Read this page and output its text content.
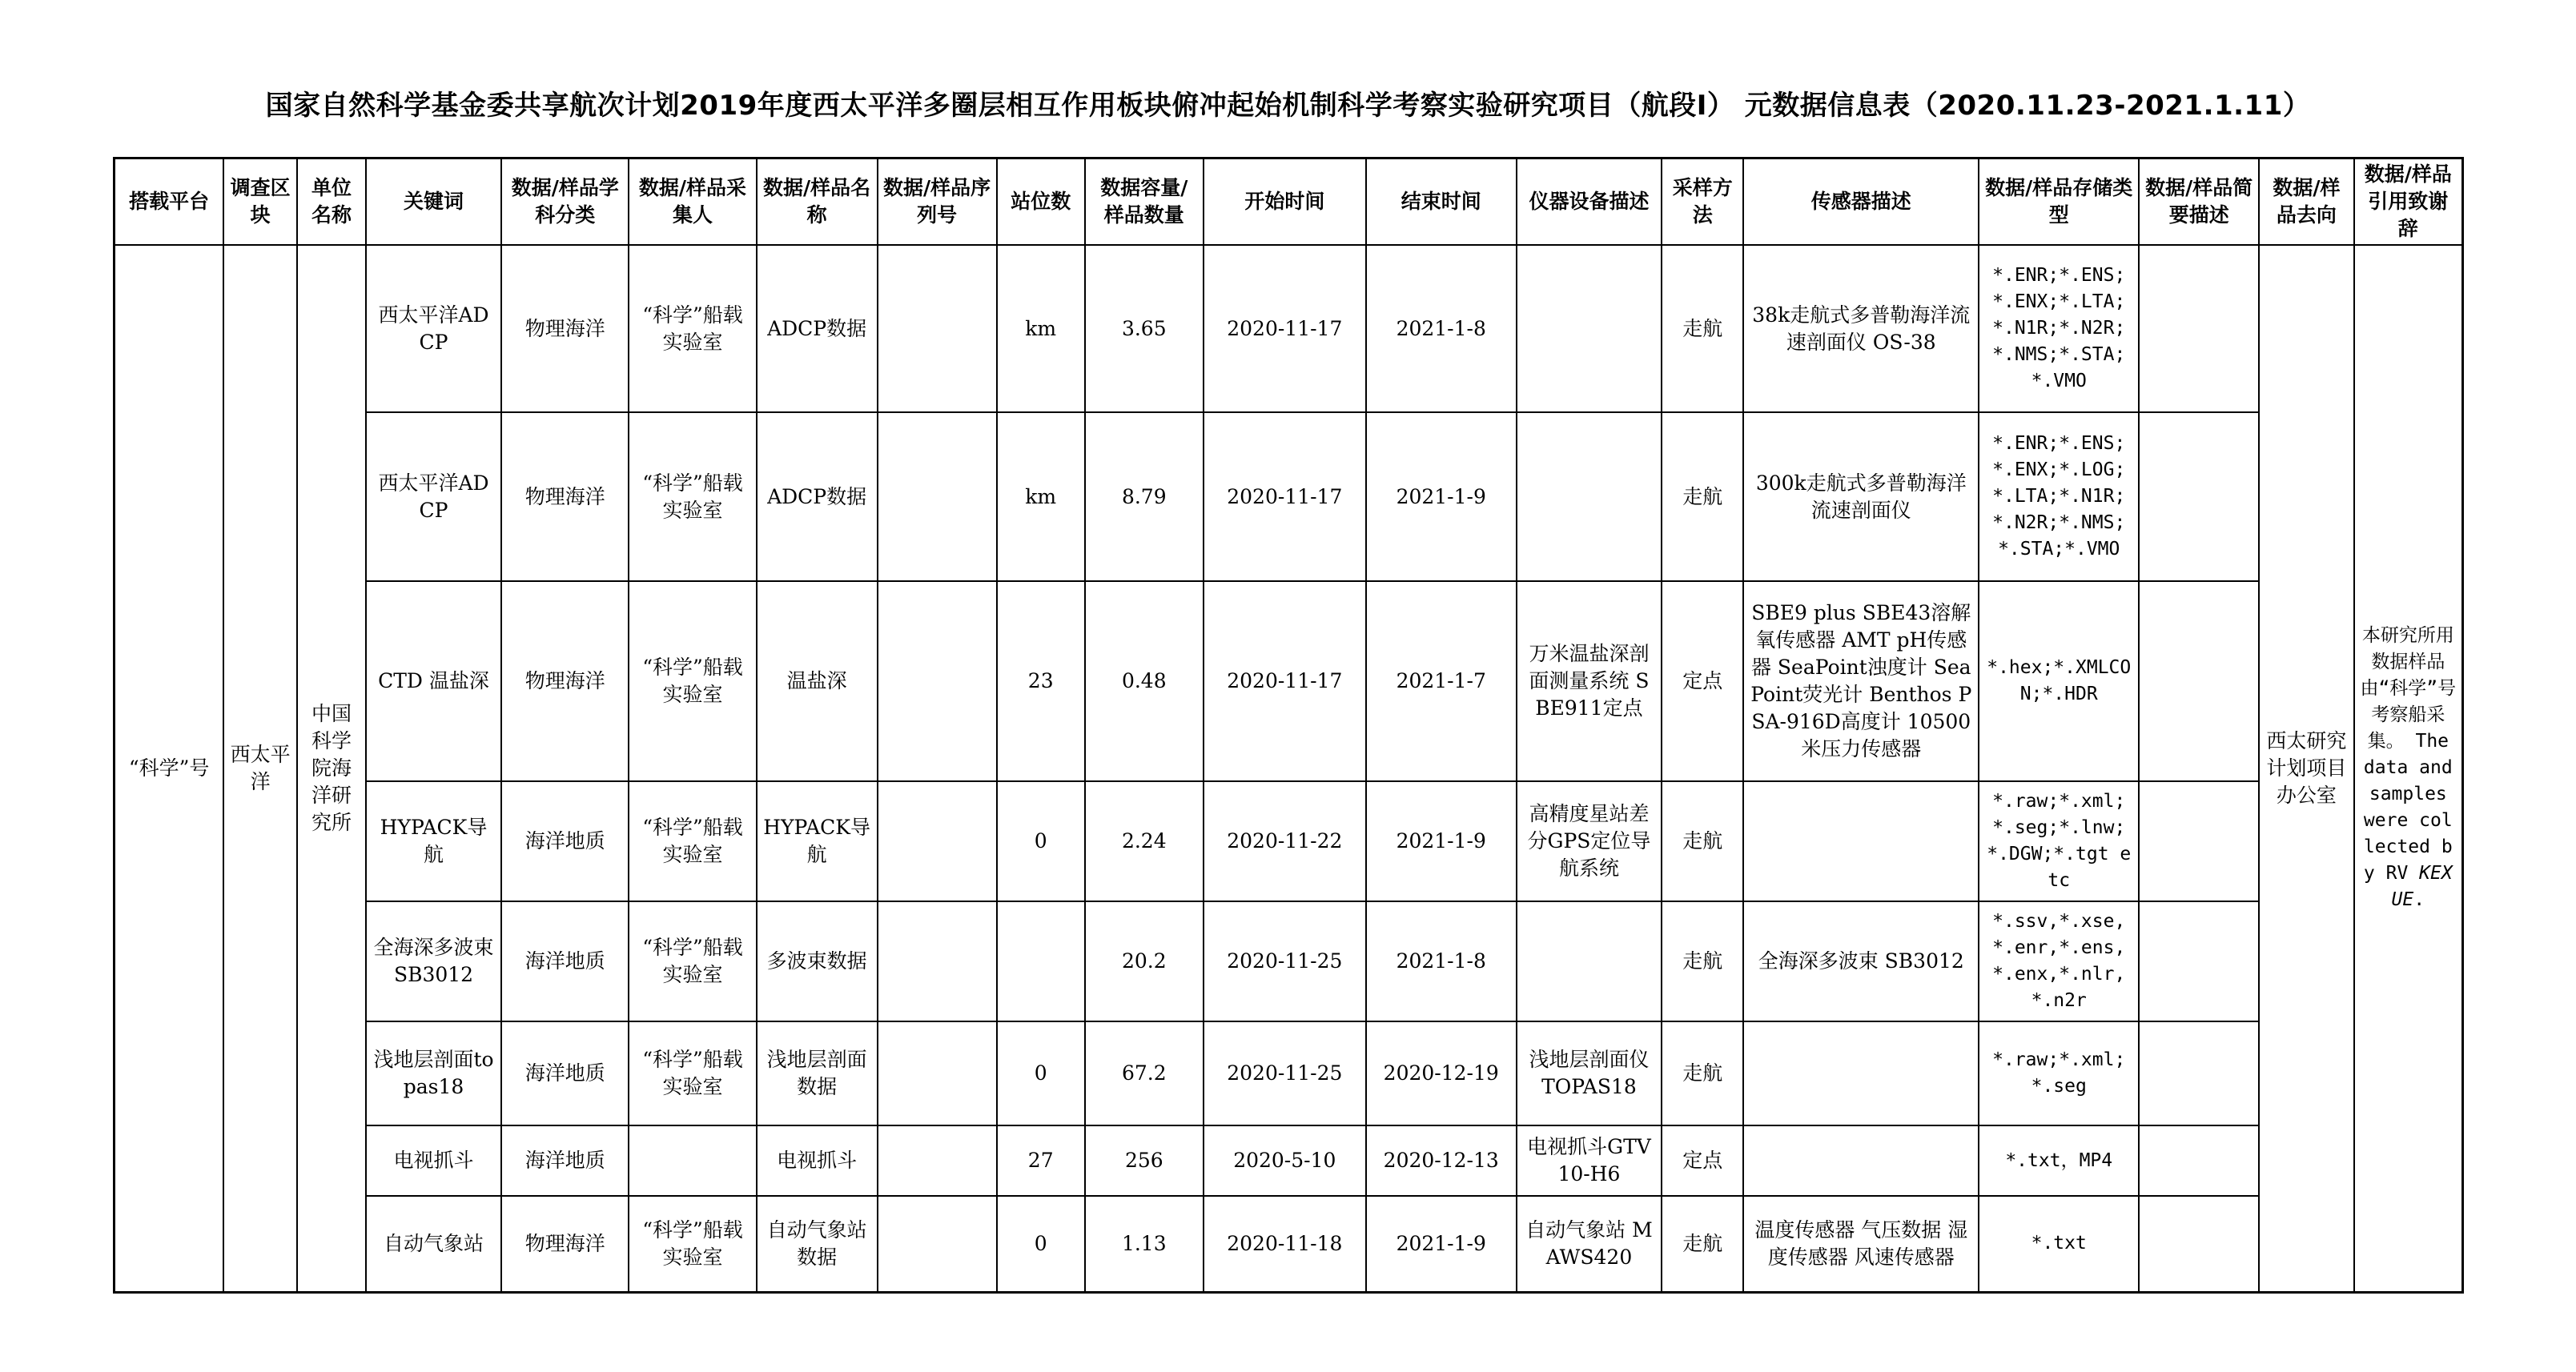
国家自然科学基金委共享航次计划2019年度西太平洋多圈层相互作用板块俯冲起始机制科学考察实验研究项目（航段I） 元数据信息表（2020.11.23-2021.1.11）
搭载平台	调查区块	单位名称	关键词	数据/样品学科分类	数据/样品采集人	数据/样品名称	数据/样品序列号	站位数	数据容量/样品数量	开始时间	结束时间	仪器设备描述	采样方法	传感器描述	数据/样品存储类型	数据/样品简要描述	数据/样品去向	数据/样品引用致谢辞
“科学”号	西太平洋	中国科学院海洋研究所	西太平洋ADCP	物理海洋	“科学”船载实验室	ADCP数据		km	3.65	2020-11-17	2021-1-8		走航	38k走航式多普勒海洋流速剖面仪 OS-38	*.ENR;*.ENS;*.ENX;*.LTA;*.N1R;*.N2R;*.NMS;*.STA;*.VMO		西太研究计划项目办公室	本研究所用数据样品由“科学”号考察船采集。 The data and samples were collected by RV KEXUE.
			西太平洋ADCP	物理海洋	“科学”船载实验室	ADCP数据		km	8.79	2020-11-17	2021-1-9		走航	300k走航式多普勒海洋流速剖面仪	*.ENR;*.ENS;*.ENX;*.LOG;*.LTA;*.N1R;*.N2R;*.NMS;*.STA;*.VMO			
			CTD 温盐深	物理海洋	“科学”船载实验室	温盐深		23	0.48	2020-11-17	2021-1-7	万米温盐深剖面测量系统 SBE911定点	定点	SBE9 plus SBE43溶解氧传感器 AMT pH传感器 SeaPoint浊度计 SeaPoint荧光计 Benthos PSA-916D高度计 10500米压力传感器	*.hex;*.XMLCON;*.HDR			
			HYPACK导航	海洋地质	“科学”船载实验室	HYPACK导航		0	2.24	2020-11-22	2021-1-9	高精度星站差分GPS定位导航系统	走航		*.raw;*.xml;*.seg;*.lnw;*.DGW;*.tgt etc			
			全海深多波束 SB3012	海洋地质	“科学”船载实验室	多波束数据			20.2	2020-11-25	2021-1-8		走航	全海深多波束 SB3012	*.ssv,*.xse,*.enr,*.ens,*.enx,*.nlr,*.n2r			
			浅地层剖面topas18	海洋地质	“科学”船载实验室	浅地层剖面数据		0	67.2	2020-11-25	2020-12-19	浅地层剖面仪 TOPAS18	走航		*.raw;*.xml;*.seg			
			电视抓斗	海洋地质		电视抓斗		27	256	2020-5-10	2020-12-13	电视抓斗GTV10-H6	定点		*.txt，MP4			
			自动气象站	物理海洋	“科学”船载实验室	自动气象站数据		0	1.13	2020-11-18	2021-1-9	自动气象站 MAWS420	走航	温度传感器 气压数据 湿度传感器 风速传感器	*.txt			
